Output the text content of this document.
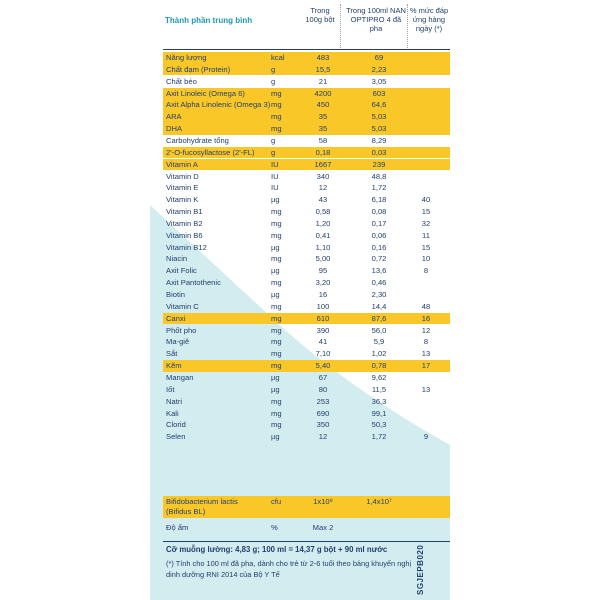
Thành phần trung bình
Trong 100g bột
Trong 100ml NAN OPTIPRO 4 đã pha
% mức đáp ứng hàng ngày (*)
Năng lượng	kcal	483	69
Chất đạm (Protein)	g	15,5	2,23
Chất béo	g	21	3,05
Axit Linoleic (Omega 6)	mg	4200	603
Axit Alpha Linolenic (Omega 3) mg	450	64,6
ARA	mg	35	5,03
DHA	mg	35	5,03
Carbohydrate tổng	g	58	8,29
2'-O-fucosyllactose (2'-FL) g	0,18	0,03
Vitamin A	IU	1667	239
Vitamin D	IU	340	48,8
Vitamin E	IU	12	1,72
Vitamin K	µg	43	6,18	40
Vitamin B1	mg	0,58	0,08	15
Vitamin B2	mg	1,20	0,17	32
Vitamin B6	mg	0,41	0,06	11
Vitamin B12	µg	1,10	0,16	15
Niacin	mg	5,00	0,72	10
Axit Folic	µg	95	13,6	8
Axit Pantothenic	mg	3,20	0,46
Biotin	µg	16	2,30
Vitamin C	mg	100	14,4	48
Canxi	mg	610	87,6	16
Phốt pho	mg	390	56,0	12
Ma-giê	mg	41	5,9	8
Sắt	mg	7,10	1,02	13
Kẽm	mg	5,40	0,78	17
Mangan	µg	67	9,62
Iốt	µg	80	11,5	13
Natri	mg	253	36,3
Kali	mg	690	99,1
Clorid	mg	350	50,3
Selen	µg	12	1,72	9
Bifidobacterium lactis
(Bifidus BL)
cfu	1x10⁸	1,4x10⁷
Độ ẩm	%	Max 2
Cỡ muỗng lường: 4,83 g; 100 ml = 14,37 g bột + 90 ml nước
(*) Tính cho 100 ml đã pha, dành cho trẻ từ 2-6 tuổi theo bảng khuyến nghị dinh dưỡng RNI 2014 của Bộ Y Tế	SGJEPB020
